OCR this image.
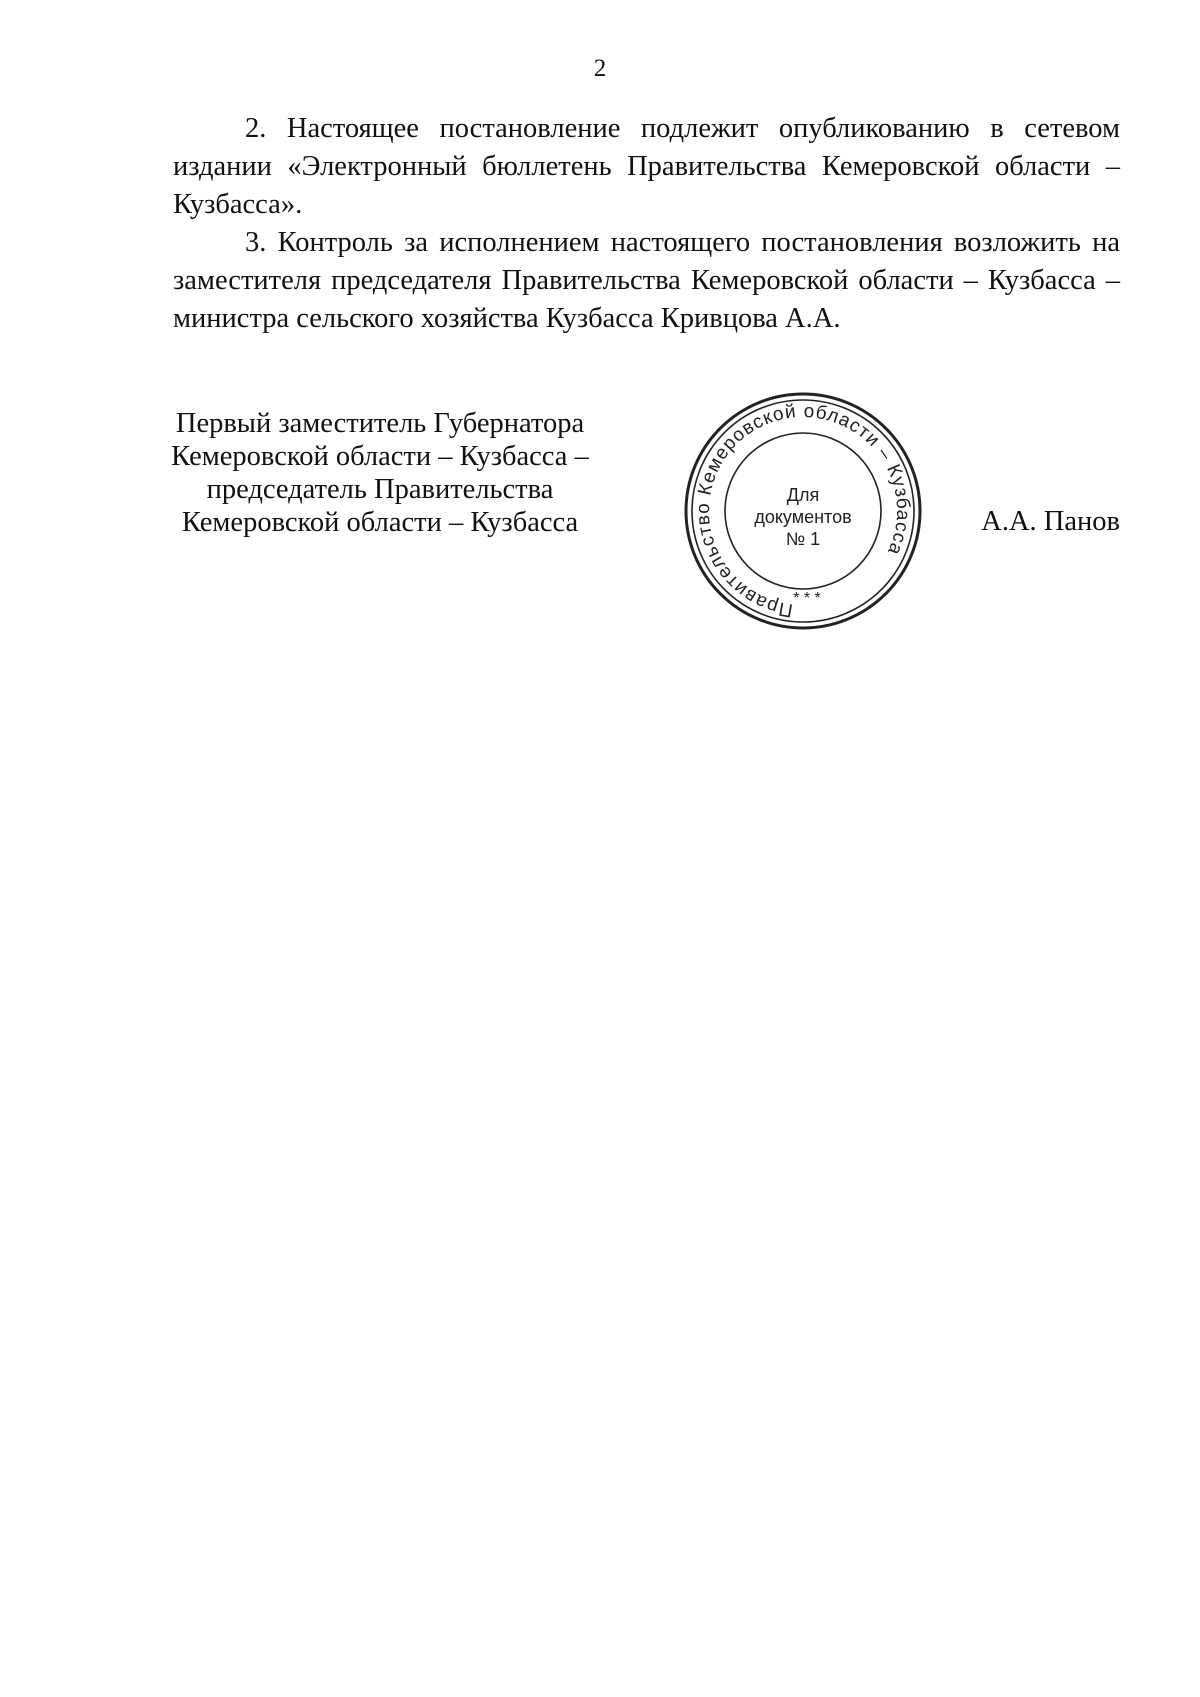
2

2. Настоящее постановление подлежит опубликованию в сетевом издании «Электронный бюллетень Правительства Кемеровской области – Кузбасса».

3. Контроль за исполнением настоящего постановления возложить на заместителя председателя Правительства Кемеровской области – Кузбасса – министра сельского хозяйства Кузбасса Кривцова А.А.

Первый заместитель Губернатора
Кемеровской области – Кузбасса –
председатель Правительства
Кемеровской области – Кузбасса
Правительство Кемеровской области – Кузбасса
Для
документов
№ 1
* * *
А.А. Панов
